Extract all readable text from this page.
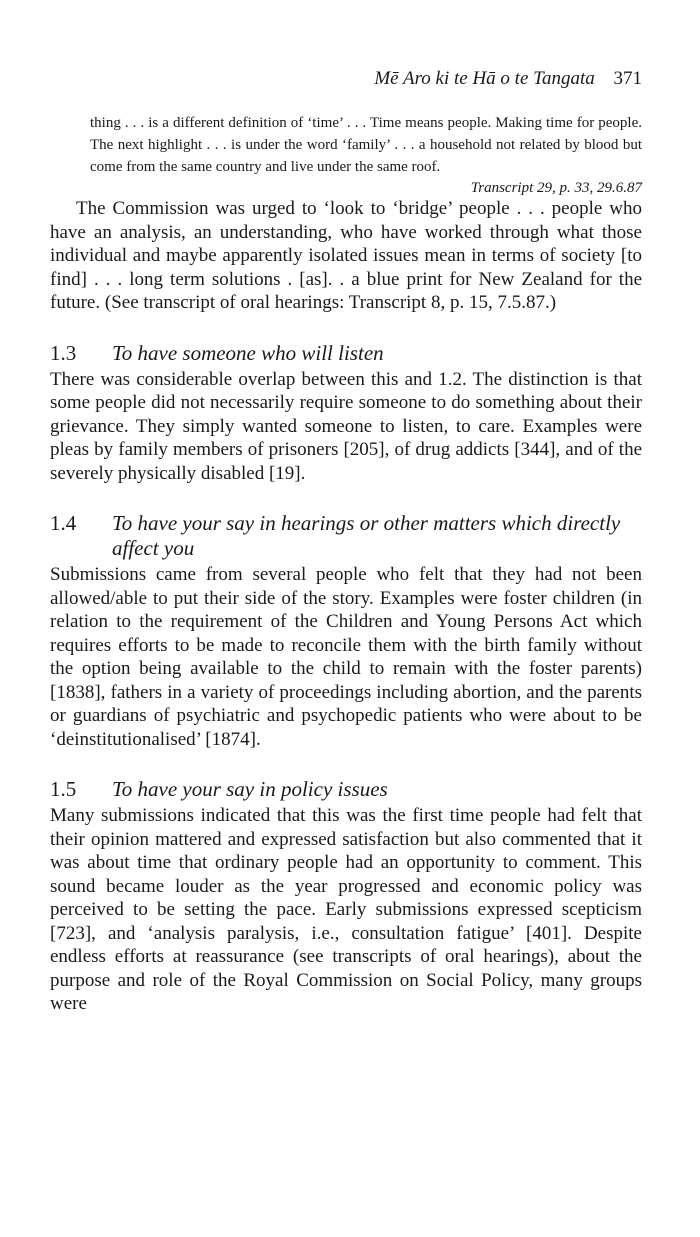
Mē Aro ki te Hā o te Tangata 371
thing . . . is a different definition of ‘time’ . . . Time means people. Making time for people. The next highlight . . . is under the word ‘family’ . . . a household not related by blood but come from the same country and live under the same roof.
Transcript 29, p. 33, 29.6.87

The Commission was urged to ‘look to ‘bridge’ people . . . people who have an analysis, an understanding, who have worked through what those individual and maybe apparently isolated issues mean in terms of society [to find] . . . long term solutions . [as]. . a blue print for New Zealand for the future. (See transcript of oral hearings: Transcript 8, p. 15, 7.5.87.)

1.3	To have someone who will listen
There was considerable overlap between this and 1.2. The distinction is that some people did not necessarily require someone to do something about their grievance. They simply wanted someone to listen, to care. Examples were pleas by family members of prisoners [205], of drug addicts [344], and of the severely physically disabled [19].
1.4	To have your say in hearings or other matters which directly affect you
Submissions came from several people who felt that they had not been allowed/able to put their side of the story. Examples were foster children (in relation to the requirement of the Children and Young Persons Act which requires efforts to be made to reconcile them with the birth family without the option being available to the child to remain with the foster parents) [1838], fathers in a variety of proceedings including abortion, and the parents or guardians of psychiatric and psychopedic patients who were about to be ‘deinstitutionalised’ [1874].
1.5	To have your say in policy issues
Many submissions indicated that this was the first time people had felt that their opinion mattered and expressed satisfaction but also commented that it was about time that ordinary people had an opportunity to comment. This sound became louder as the year progressed and economic policy was perceived to be setting the pace. Early submissions expressed scepticism [723], and ‘analysis paralysis, i.e., consultation fatigue’ [401]. Despite endless efforts at reassurance (see transcripts of oral hearings), about the purpose and role of the Royal Commission on Social Policy, many groups were
